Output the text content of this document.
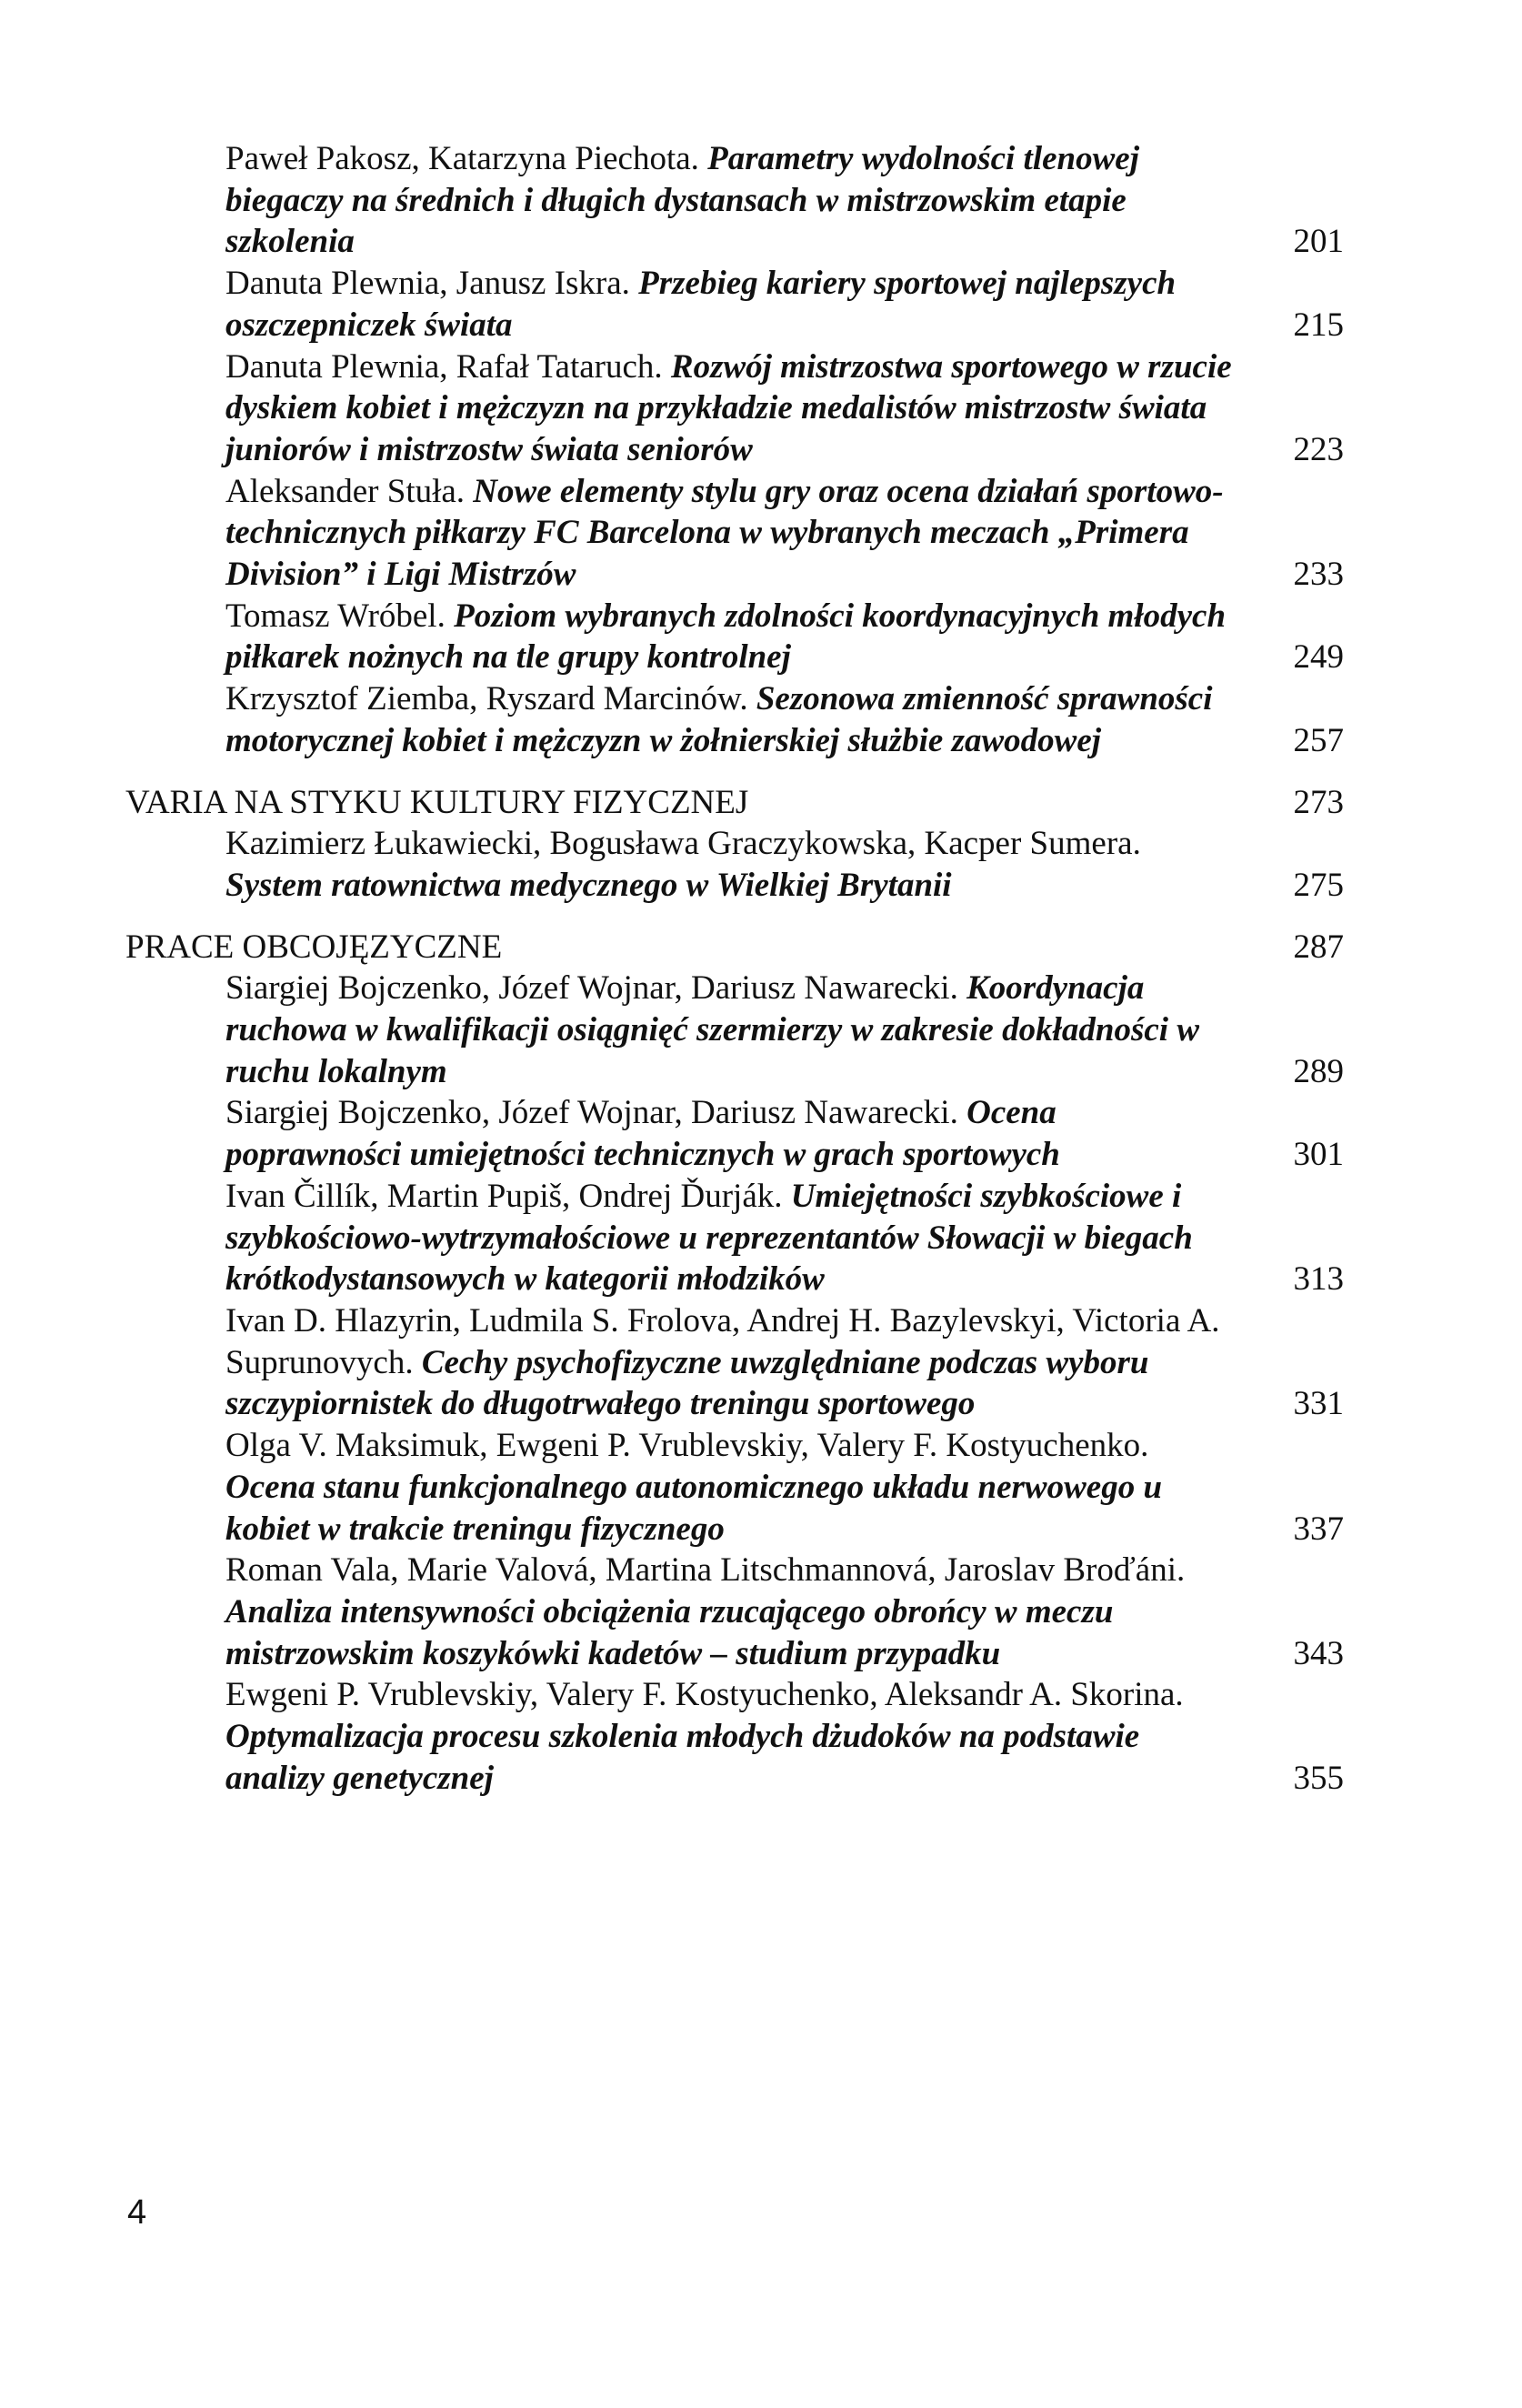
Paweł Pakosz, Katarzyna Piechota. Parametry wydolności tlenowej biegaczy na średnich i długich dystansach w mistrzowskim etapie szkolenia	201
Danuta Plewnia, Janusz Iskra. Przebieg kariery sportowej najlepszych oszczepniczek świata	215
Danuta Plewnia, Rafał Tataruch. Rozwój mistrzostwa sportowego w rzucie dyskiem kobiet i mężczyzn na przykładzie medalistów mistrzostw świata juniorów i mistrzostw świata seniorów	223
Aleksander Stuła. Nowe elementy stylu gry oraz ocena działań sportowo-technicznych piłkarzy FC Barcelona w wybranych meczach „Primera Division” i Ligi Mistrzów	233
Tomasz Wróbel. Poziom wybranych zdolności koordynacyjnych młodych piłkarek nożnych na tle grupy kontrolnej	249
Krzysztof Ziemba, Ryszard Marcinów. Sezonowa zmienność sprawności motorycznej kobiet i mężczyzn w żołnierskiej służbie zawodowej	257
VARIA NA STYKU KULTURY FIZYCZNEJ	273
Kazimierz Łukawiecki, Bogusława Graczykowska, Kacper Sumera. System ratownictwa medycznego w Wielkiej Brytanii	275
PRACE OBCOJĘZYCZNE	287
Siargiej Bojczenko, Józef Wojnar, Dariusz Nawarecki. Koordynacja ruchowa w kwalifikacji osiągnięć szermierzy w zakresie dokładności w ruchu lokalnym	289
Siargiej Bojczenko, Józef Wojnar, Dariusz Nawarecki. Ocena poprawności umiejętności technicznych w grach sportowych	301
Ivan Čillík, Martin Pupiš, Ondrej Ďurják. Umiejętności szybkościowe i szybkościowo-wytrzymałościowe u reprezentantów Słowacji w biegach krótkodystansowych w kategorii młodzików	313
Ivan D. Hlazyrin, Ludmila S. Frolova, Andrej H. Bazylevskyi, Victoria A. Suprunovych. Cechy psychofizyczne uwzględniane podczas wyboru szczypiornistek do długotrwałego treningu sportowego	331
Olga V. Maksimuk, Ewgeni P. Vrublevskiy, Valery F. Kostyuchenko. Ocena stanu funkcjonalnego autonomicznego układu nerwowego u kobiet w trakcie treningu fizycznego	337
Roman Vala, Marie Valová, Martina Litschmannová, Jaroslav Broďáni. Analiza intensywności obciążenia rzucającego obrońcy w meczu mistrzowskim koszykówki kadetów – studium przypadku	343
Ewgeni P. Vrublevskiy, Valery F. Kostyuchenko, Aleksandr A. Skorina. Optymalizacja procesu szkolenia młodych dżudoków na podstawie analizy genetycznej	355
4
